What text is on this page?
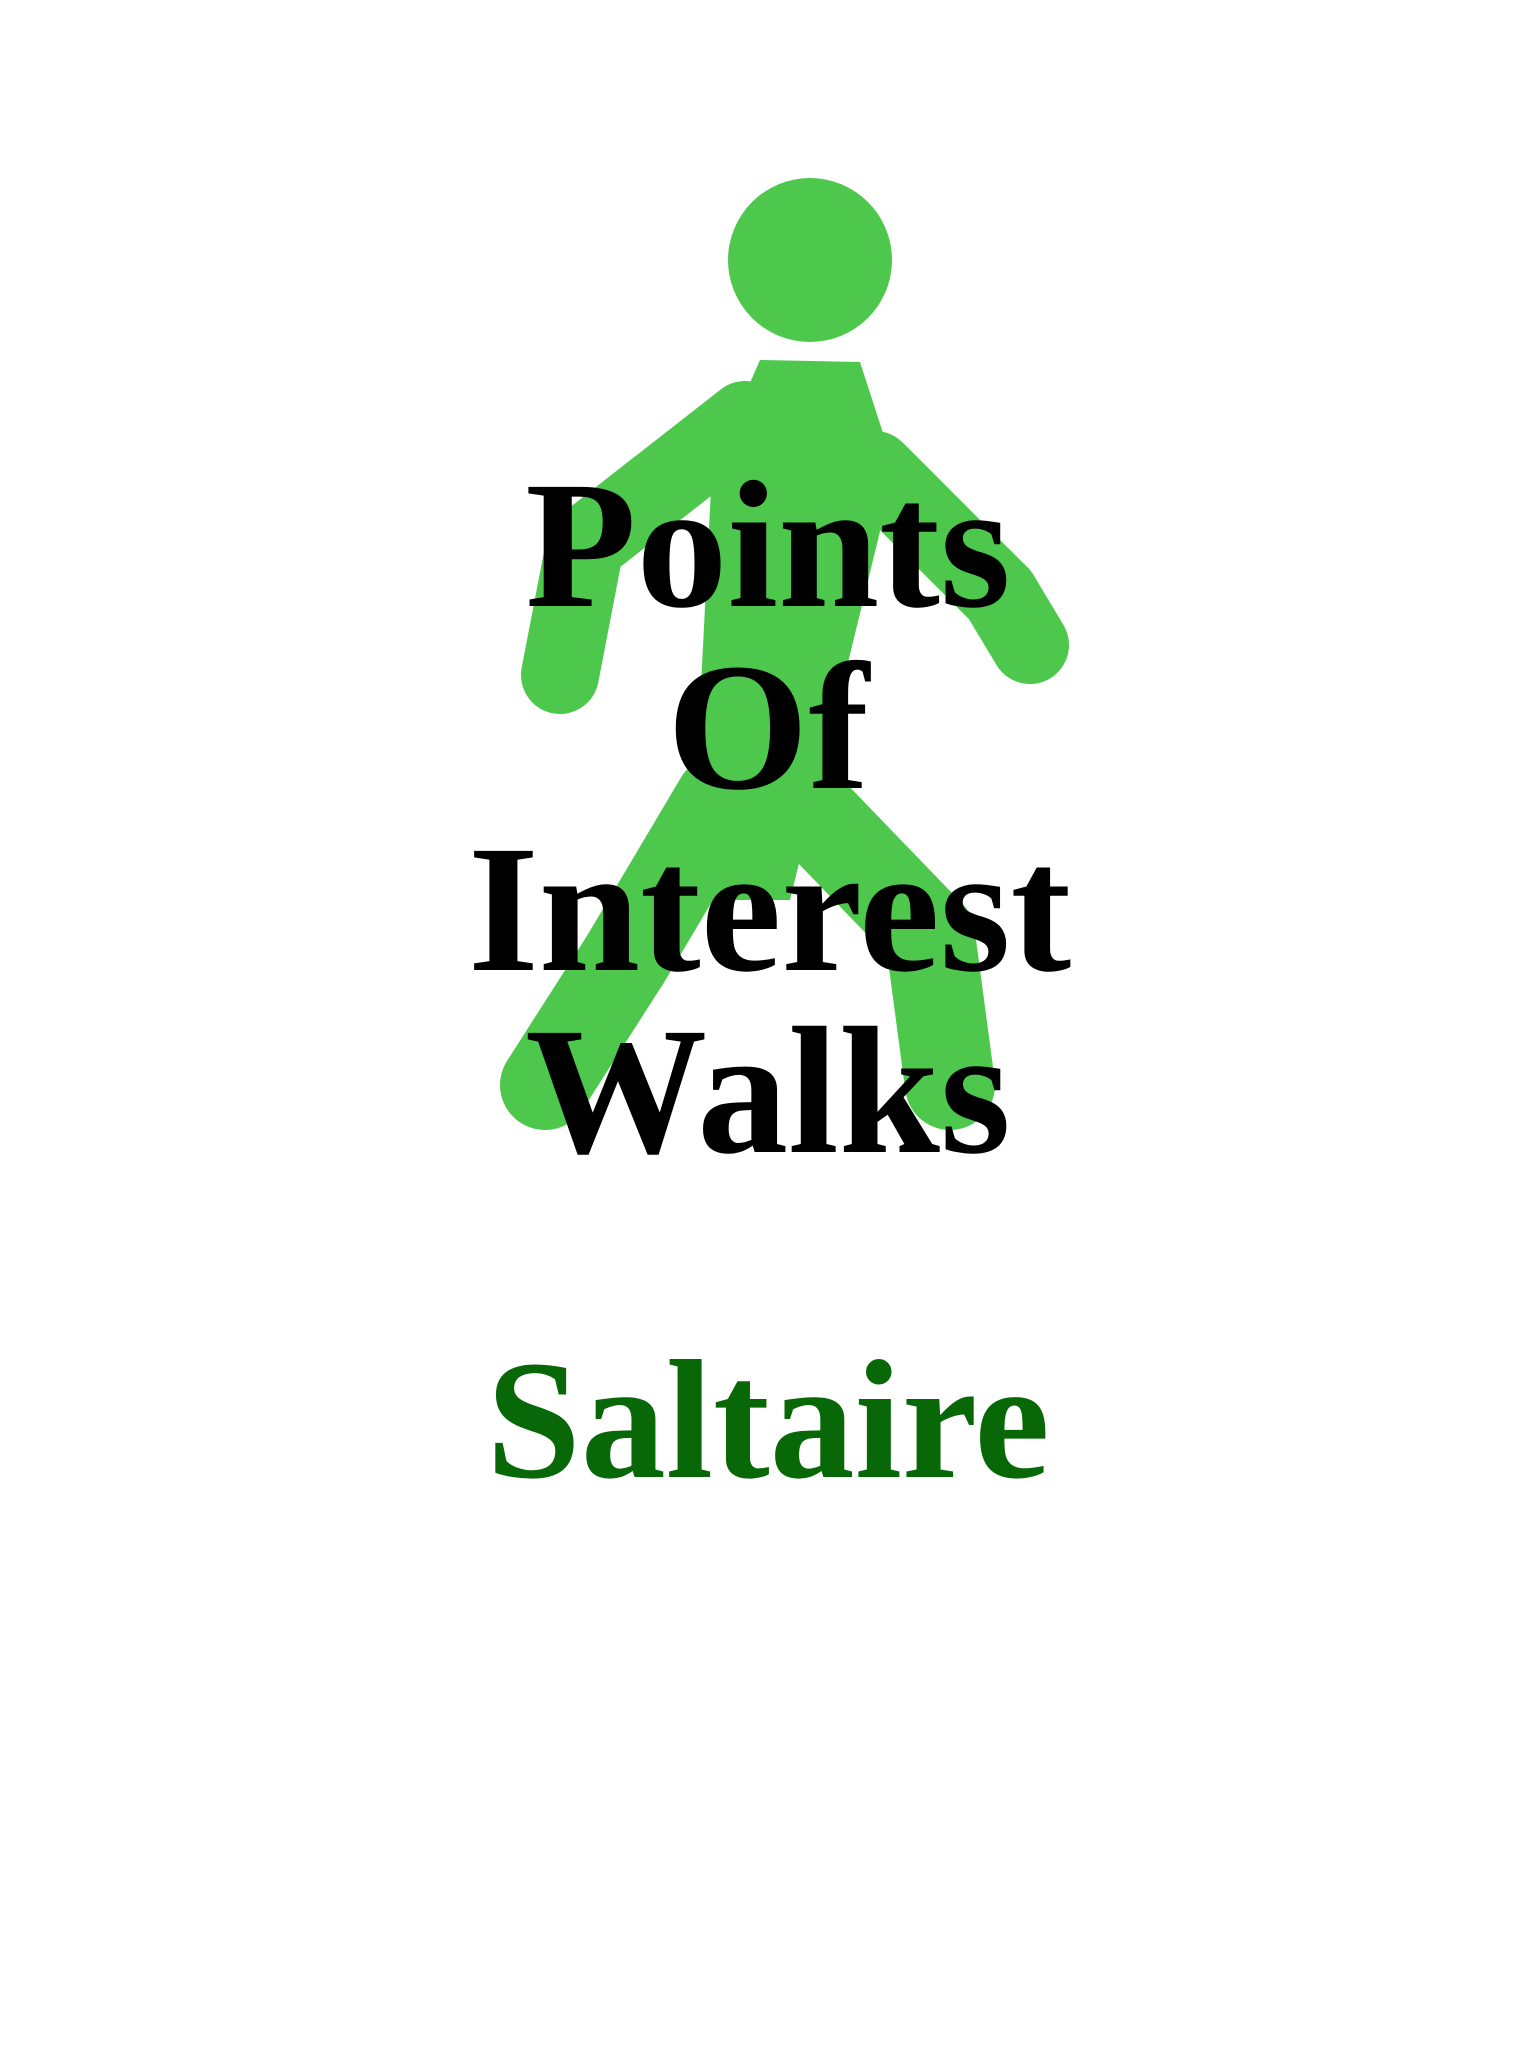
Points
Of
Interest
Walks
Saltaire
